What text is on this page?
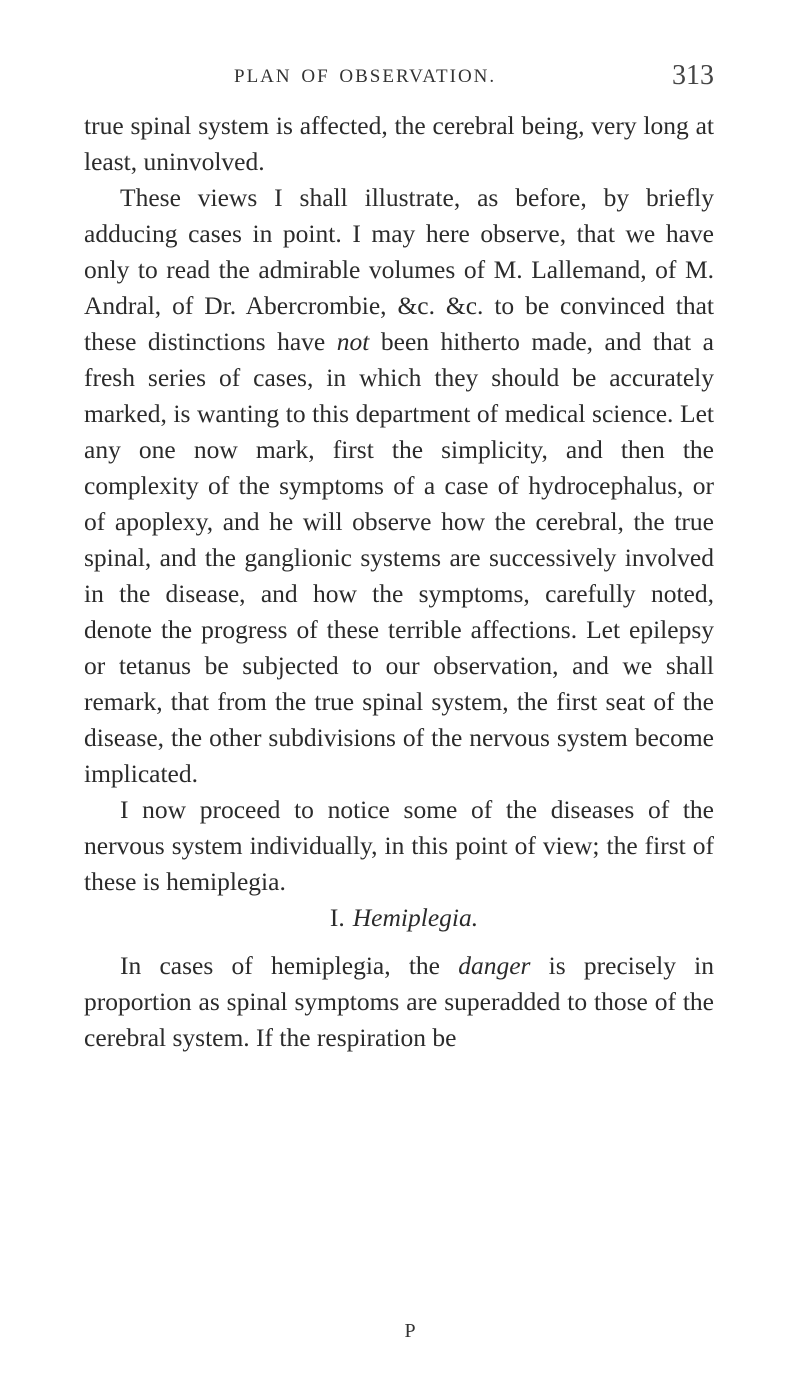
PLAN OF OBSERVATION.	313

true spinal system is affected, the cerebral being, very long at least, uninvolved.

These views I shall illustrate, as before, by briefly adducing cases in point. I may here observe, that we have only to read the admirable volumes of M. Lallemand, of M. Andral, of Dr. Abercrombie, &c. &c. to be convinced that these distinctions have not been hitherto made, and that a fresh series of cases, in which they should be accurately marked, is wanting to this department of medical science. Let any one now mark, first the simplicity, and then the complexity of the symptoms of a case of hydrocephalus, or of apoplexy, and he will observe how the cerebral, the true spinal, and the ganglionic systems are successively involved in the disease, and how the symptoms, carefully noted, denote the progress of these terrible affections. Let epilepsy or tetanus be subjected to our observation, and we shall remark, that from the true spinal system, the first seat of the disease, the other subdivisions of the nervous system become implicated.

I now proceed to notice some of the diseases of the nervous system individually, in this point of view; the first of these is hemiplegia.

I. Hemiplegia.

In cases of hemiplegia, the danger is precisely in proportion as spinal symptoms are superadded to those of the cerebral system. If the respiration be

P
